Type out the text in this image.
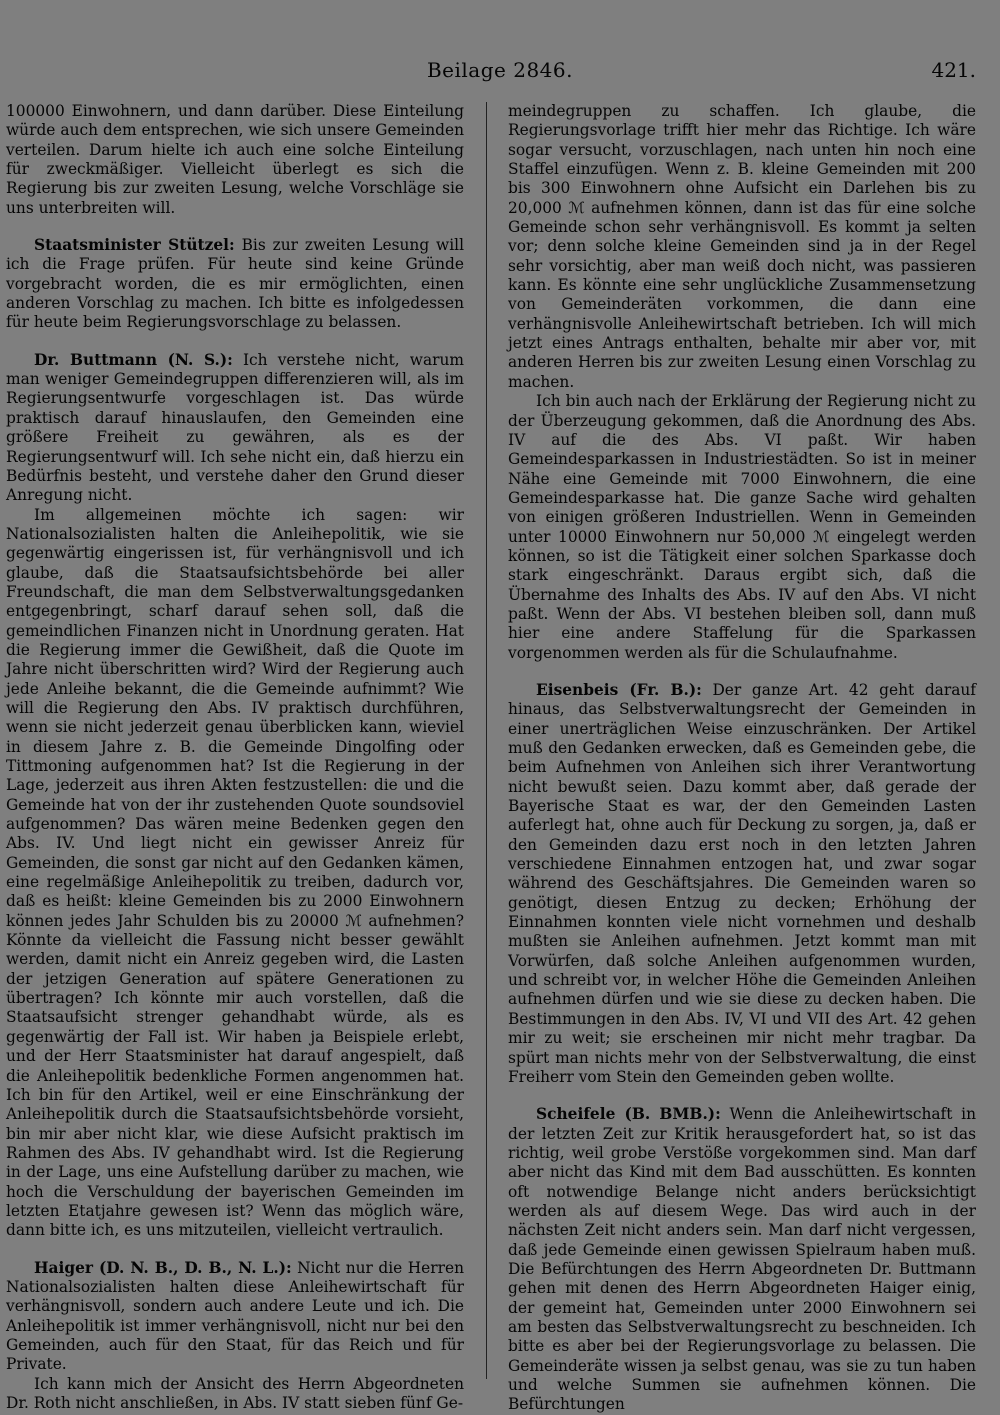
Beilage 2846.	421.

100000 Einwohnern, und dann darüber. Diese Einteilung würde auch dem entsprechen, wie sich unsere Gemeinden verteilen. Darum hielte ich auch eine solche Einteilung für zweckmäßiger. Vielleicht überlegt es sich die Regierung bis zur zweiten Lesung, welche Vorschläge sie uns unterbreiten will.

Staatsminister Stützel: Bis zur zweiten Lesung will ich die Frage prüfen. Für heute sind keine Gründe vorgebracht worden, die es mir ermöglichten, einen anderen Vorschlag zu machen. Ich bitte es infolgedessen für heute beim Regierungsvorschlage zu belassen.

Dr. Buttmann (N. S.): Ich verstehe nicht, warum man weniger Gemeindegruppen differenzieren will, als im Regierungsentwurfe vorgeschlagen ist. Das würde praktisch darauf hinauslaufen, den Gemeinden eine größere Freiheit zu gewähren, als es der Regierungsentwurf will. Ich sehe nicht ein, daß hierzu ein Bedürfnis besteht, und verstehe daher den Grund dieser Anregung nicht.

Im allgemeinen möchte ich sagen: wir Nationalsozialisten halten die Anleihepolitik, wie sie gegenwärtig eingerissen ist, für verhängnisvoll und ich glaube, daß die Staatsaufsichtsbehörde bei aller Freundschaft, die man dem Selbstverwaltungsgedanken entgegenbringt, scharf darauf sehen soll, daß die gemeindlichen Finanzen nicht in Unordnung geraten. Hat die Regierung immer die Gewißheit, daß die Quote im Jahre nicht überschritten wird? Wird der Regierung auch jede Anleihe bekannt, die die Gemeinde aufnimmt? Wie will die Regierung den Abs. IV praktisch durchführen, wenn sie nicht jederzeit genau überblicken kann, wieviel in diesem Jahre z. B. die Gemeinde Dingolfing oder Tittmoning aufgenommen hat? Ist die Regierung in der Lage, jederzeit aus ihren Akten festzustellen: die und die Gemeinde hat von der ihr zustehenden Quote soundsoviel aufgenommen? Das wären meine Bedenken gegen den Abs. IV. Und liegt nicht ein gewisser Anreiz für Gemeinden, die sonst gar nicht auf den Gedanken kämen, eine regelmäßige Anleihepolitik zu treiben, dadurch vor, daß es heißt: kleine Gemeinden bis zu 2000 Einwohnern können jedes Jahr Schulden bis zu 20000 ℳ aufnehmen? Könnte da vielleicht die Fassung nicht besser gewählt werden, damit nicht ein Anreiz gegeben wird, die Lasten der jetzigen Generation auf spätere Generationen zu übertragen? Ich könnte mir auch vorstellen, daß die Staatsaufsicht strenger gehandhabt würde, als es gegenwärtig der Fall ist. Wir haben ja Beispiele erlebt, und der Herr Staatsminister hat darauf angespielt, daß die Anleihepolitik bedenkliche Formen angenommen hat. Ich bin für den Artikel, weil er eine Einschränkung der Anleihepolitik durch die Staatsaufsichtsbehörde vorsieht, bin mir aber nicht klar, wie diese Aufsicht praktisch im Rahmen des Abs. IV gehandhabt wird. Ist die Regierung in der Lage, uns eine Aufstellung darüber zu machen, wie hoch die Verschuldung der bayerischen Gemeinden im letzten Etatjahre gewesen ist? Wenn das möglich wäre, dann bitte ich, es uns mitzuteilen, vielleicht vertraulich.

Haiger (D. N. B., D. B., N. L.): Nicht nur die Herren Nationalsozialisten halten diese Anleihewirtschaft für verhängnisvoll, sondern auch andere Leute und ich. Die Anleihepolitik ist immer verhängnisvoll, nicht nur bei den Gemeinden, auch für den Staat, für das Reich und für Private.

Ich kann mich der Ansicht des Herrn Abgeordneten Dr. Roth nicht anschließen, in Abs. IV statt sieben fünf Ge-

meindegruppen zu schaffen. Ich glaube, die Regierungsvorlage trifft hier mehr das Richtige. Ich wäre sogar versucht, vorzuschlagen, nach unten hin noch eine Staffel einzufügen. Wenn z. B. kleine Gemeinden mit 200 bis 300 Einwohnern ohne Aufsicht ein Darlehen bis zu 20,000 ℳ aufnehmen können, dann ist das für eine solche Gemeinde schon sehr verhängnisvoll. Es kommt ja selten vor; denn solche kleine Gemeinden sind ja in der Regel sehr vorsichtig, aber man weiß doch nicht, was passieren kann. Es könnte eine sehr unglückliche Zusammensetzung von Gemeinderäten vorkommen, die dann eine verhängnisvolle Anleihewirtschaft betrieben. Ich will mich jetzt eines Antrags enthalten, behalte mir aber vor, mit anderen Herren bis zur zweiten Lesung einen Vorschlag zu machen.

Ich bin auch nach der Erklärung der Regierung nicht zu der Überzeugung gekommen, daß die Anordnung des Abs. IV auf die des Abs. VI paßt. Wir haben Gemeindesparkassen in Industriestädten. So ist in meiner Nähe eine Gemeinde mit 7000 Einwohnern, die eine Gemeindesparkasse hat. Die ganze Sache wird gehalten von einigen größeren Industriellen. Wenn in Gemeinden unter 10000 Einwohnern nur 50,000 ℳ eingelegt werden können, so ist die Tätigkeit einer solchen Sparkasse doch stark eingeschränkt. Daraus ergibt sich, daß die Übernahme des Inhalts des Abs. IV auf den Abs. VI nicht paßt. Wenn der Abs. VI bestehen bleiben soll, dann muß hier eine andere Staffelung für die Sparkassen vorgenommen werden als für die Schulaufnahme.

Eisenbeis (Fr. B.): Der ganze Art. 42 geht darauf hinaus, das Selbstverwaltungsrecht der Gemeinden in einer unerträglichen Weise einzuschränken. Der Artikel muß den Gedanken erwecken, daß es Gemeinden gebe, die beim Aufnehmen von Anleihen sich ihrer Verantwortung nicht bewußt seien. Dazu kommt aber, daß gerade der Bayerische Staat es war, der den Gemeinden Lasten auferlegt hat, ohne auch für Deckung zu sorgen, ja, daß er den Gemeinden dazu erst noch in den letzten Jahren verschiedene Einnahmen entzogen hat, und zwar sogar während des Geschäftsjahres. Die Gemeinden waren so genötigt, diesen Entzug zu decken; Erhöhung der Einnahmen konnten viele nicht vornehmen und deshalb mußten sie Anleihen aufnehmen. Jetzt kommt man mit Vorwürfen, daß solche Anleihen aufgenommen wurden, und schreibt vor, in welcher Höhe die Gemeinden Anleihen aufnehmen dürfen und wie sie diese zu decken haben. Die Bestimmungen in den Abs. IV, VI und VII des Art. 42 gehen mir zu weit; sie erscheinen mir nicht mehr tragbar. Da spürt man nichts mehr von der Selbstverwaltung, die einst Freiherr vom Stein den Gemeinden geben wollte.

Scheifele (B. BMB.): Wenn die Anleihewirtschaft in der letzten Zeit zur Kritik herausgefordert hat, so ist das richtig, weil grobe Verstöße vorgekommen sind. Man darf aber nicht das Kind mit dem Bad ausschütten. Es konnten oft notwendige Belange nicht anders berücksichtigt werden als auf diesem Wege. Das wird auch in der nächsten Zeit nicht anders sein. Man darf nicht vergessen, daß jede Gemeinde einen gewissen Spielraum haben muß. Die Befürchtungen des Herrn Abgeordneten Dr. Buttmann gehen mit denen des Herrn Abgeordneten Haiger einig, der gemeint hat, Gemeinden unter 2000 Einwohnern sei am besten das Selbstverwaltungsrecht zu beschneiden. Ich bitte es aber bei der Regierungsvorlage zu belassen. Die Gemeinderäte wissen ja selbst genau, was sie zu tun haben und welche Summen sie aufnehmen können. Die Befürchtungen
